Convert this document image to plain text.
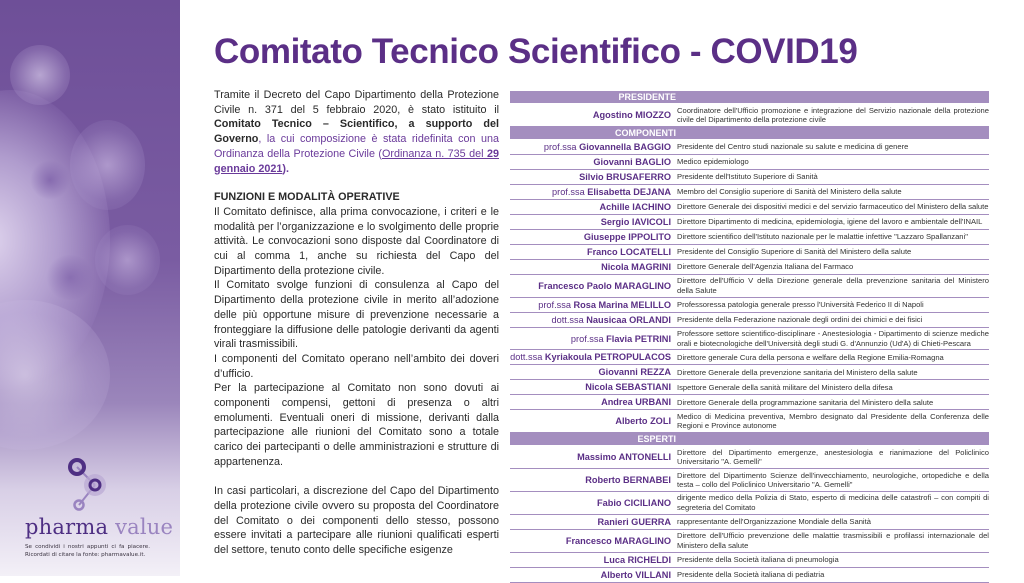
pharma value
Se condividi i nostri appunti ci fa piacere. Ricordati di citare la fonte: pharmavalue.it.
Comitato Tecnico Scientifico - COVID19

Tramite il Decreto del Capo Dipartimento della Protezione Civile n. 371 del 5 febbraio 2020, è stato istituito il Comitato Tecnico – Scientifico, a supporto del Governo, la cui composizione è stata ridefinita con una Ordinanza della Protezione Civile (Ordinanza n. 735 del 29 gennaio 2021).

FUNZIONI E MODALITÀ OPERATIVE

Il Comitato definisce, alla prima convocazione, i criteri e le modalità per l’organizzazione e lo svolgimento delle proprie attività. Le convocazioni sono disposte dal Coordinatore di cui al comma 1, anche su richiesta del Capo del Dipartimento della protezione civile.

Il Comitato svolge funzioni di consulenza al Capo del Dipartimento della protezione civile in merito all’adozione delle più opportune misure di prevenzione necessarie a fronteggiare la diffusione delle patologie derivanti da agenti virali trasmissibili.

I componenti del Comitato operano nell’ambito dei doveri d’ufficio.

Per la partecipazione al Comitato non sono dovuti ai componenti compensi, gettoni di presenza o altri emolumenti. Eventuali oneri di missione, derivanti dalla partecipazione alle riunioni del Comitato sono a totale carico dei partecipanti o delle amministrazioni e strutture di appartenenza.

In casi particolari, a discrezione del Capo del Dipartimento della protezione civile ovvero su proposta del Coordinatore del Comitato o dei componenti dello stesso, possono essere invitati a partecipare alle riunioni qualificati esperti del settore, tenuto conto delle specifiche esigenze

PRESIDENTE
Agostino MIOZZO Coordinatore dell'Ufficio promozione e integrazione del Servizio nazionale della protezione civile del Dipartimento della protezione civile
COMPONENTI
prof.ssa Giovannella BAGGIO Presidente del Centro studi nazionale su salute e medicina di genere
Giovanni BAGLIO Medico epidemiologo
Silvio BRUSAFERRO Presidente dell'Istituto Superiore di Sanità
prof.ssa Elisabetta DEJANA Membro del Consiglio superiore di Sanità del Ministero della salute
Achille IACHINO Direttore Generale dei dispositivi medici e del servizio farmaceutico del Ministero della salute
Sergio IAVICOLI Direttore Dipartimento di medicina, epidemiologia, igiene del lavoro e ambientale dell'INAIL
Giuseppe IPPOLITO Direttore scientifico dell'Istituto nazionale per le malattie infettive "Lazzaro Spallanzani"
Franco LOCATELLI Presidente del Consiglio Superiore di Sanità del Ministero della salute
Nicola MAGRINI Direttore Generale dell'Agenzia Italiana del Farmaco
Francesco Paolo MARAGLINO Direttore dell'Ufficio V della Direzione generale della prevenzione sanitaria del Ministero della Salute
prof.ssa Rosa Marina MELILLO Professoressa patologia generale presso l'Università Federico II di Napoli
dott.ssa Nausicaa ORLANDI Presidente della Federazione nazionale degli ordini dei chimici e dei fisici
prof.ssa Flavia PETRINI Professore settore scientifico-disciplinare - Anestesiologia - Dipartimento di scienze mediche orali e biotecnologiche dell'Università degli studi G. d'Annunzio (Ud'A) di Chieti-Pescara
dott.ssa Kyriakoula PETROPULACOS Direttore generale Cura della persona e welfare della Regione Emilia-Romagna
Giovanni REZZA Direttore Generale della prevenzione sanitaria del Ministero della salute
Nicola SEBASTIANI Ispettore Generale della sanità militare del Ministero della difesa
Andrea URBANI Direttore Generale della programmazione sanitaria del Ministero della salute
Alberto ZOLI Medico di Medicina preventiva, Membro designato dal Presidente della Conferenza delle Regioni e Province autonome
ESPERTI
Massimo ANTONELLI Direttore del Dipartimento emergenze, anestesiologia e rianimazione del Policlinico Universitario "A. Gemelli"
Roberto BERNABEI Direttore del Dipartimento Scienze dell'invecchiamento, neurologiche, ortopediche e della testa – collo del Policlinico Universitario "A. Gemelli"
Fabio CICILIANO dirigente medico della Polizia di Stato, esperto di medicina delle catastrofi – con compiti di segreteria del Comitato
Ranieri GUERRA rappresentante dell'Organizzazione Mondiale della Sanità
Francesco MARAGLINO Direttore dell'Ufficio prevenzione delle malattie trasmissibili e profilassi internazionale del Ministero della salute
Luca RICHELDI Presidente della Società italiana di pneumologia
Alberto VILLANI Presidente della Società italiana di pediatria
